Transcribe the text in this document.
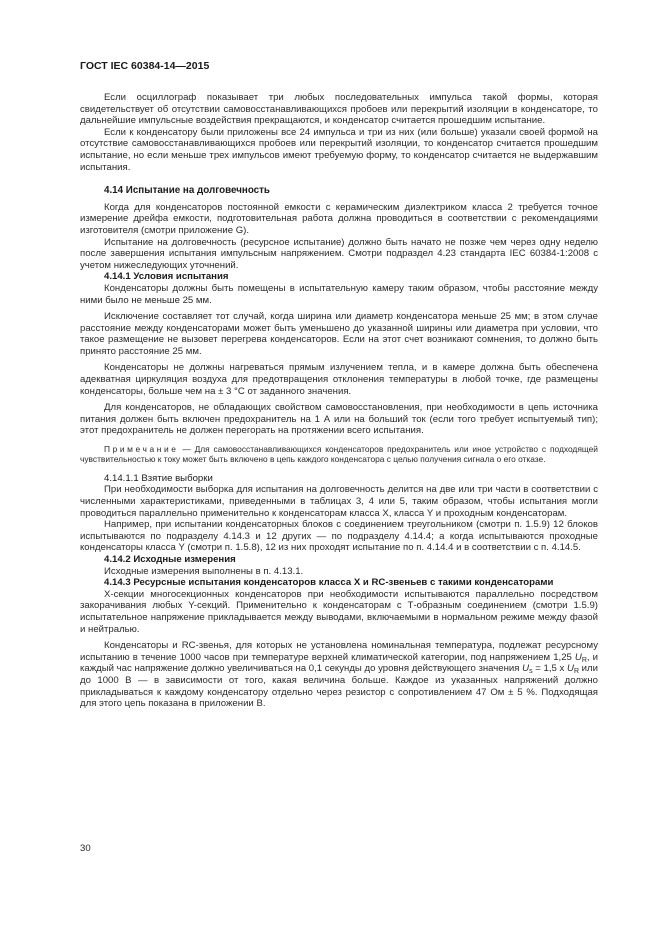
ГОСТ IEC 60384-14—2015

Если осциллограф показывает три любых последовательных импульса такой формы, которая свидетельствует об отсутствии самовосстанавливающихся пробоев или перекрытий изоляции в конденсаторе, то дальнейшие импульсные воздействия прекращаются, и конденсатор считается прошедшим испытание.

Если к конденсатору были приложены все 24 импульса и три из них (или больше) указали своей формой на отсутствие самовосстанавливающихся пробоев или перекрытий изоляции, то конденсатор считается прошедшим испытание, но если меньше трех импульсов имеют требуемую форму, то конденсатор считается не выдержавшим испытания.

4.14 Испытание на долговечность

Когда для конденсаторов постоянной емкости с керамическим диэлектриком класса 2 требуется точное измерение дрейфа емкости, подготовительная работа должна проводиться в соответствии с рекомендациями изготовителя (смотри приложение G).

Испытание на долговечность (ресурсное испытание) должно быть начато не позже чем через одну неделю после завершения испытания импульсным напряжением. Смотри подраздел 4.23 стандарта IEC 60384-1:2008 с учетом нижеследующих уточнений.

4.14.1 Условия испытания

Конденсаторы должны быть помещены в испытательную камеру таким образом, чтобы расстояние между ними было не меньше 25 мм.

Исключение составляет тот случай, когда ширина или диаметр конденсатора меньше 25 мм; в этом случае расстояние между конденсаторами может быть уменьшено до указанной ширины или диаметра при условии, что такое размещение не вызовет перегрева конденсаторов. Если на этот счет возникают сомнения, то должно быть принято расстояние 25 мм.

Конденсаторы не должны нагреваться прямым излучением тепла, и в камере должна быть обеспечена адекватная циркуляция воздуха для предотвращения отклонения температуры в любой точке, где размещены конденсаторы, больше чем на ± 3 °С от заданного значения.

Для конденсаторов, не обладающих свойством самовосстановления, при необходимости в цепь источника питания должен быть включен предохранитель на 1 А или на больший ток (если того требует испытуемый тип); этот предохранитель не должен перегорать на протяжении всего испытания.

Примечание — Для самовосстанавливающихся конденсаторов предохранитель или иное устройство с подходящей чувствительностью к току может быть включено в цепь каждого конденсатора с целью получения сигнала о его отказе.
4.14.1.1 Взятие выборки

При необходимости выборка для испытания на долговечность делится на две или три части в соответствии с численными характеристиками, приведенными в таблицах 3, 4 или 5, таким образом, чтобы испытания могли проводиться параллельно применительно к конденсаторам класса X, класса Y и проходным конденсаторам.

Например, при испытании конденсаторных блоков с соединением треугольником (смотри п. 1.5.9) 12 блоков испытываются по подразделу 4.14.3 и 12 других — по подразделу 4.14.4; а когда испытываются проходные конденсаторы класса Y (смотри п. 1.5.8), 12 из них проходят испытание по п. 4.14.4 и в соответствии с п. 4.14.5.

4.14.2 Исходные измерения

Исходные измерения выполнены в п. 4.13.1.

4.14.3 Ресурсные испытания конденсаторов класса X и RC-звеньев с такими конденсаторами

X-секции многосекционных конденсаторов при необходимости испытываются параллельно посредством закорачивания любых Y-секций. Применительно к конденсаторам с Т-образным соединением (смотри 1.5.9) испытательное напряжение прикладывается между выводами, включаемыми в нормальном режиме между фазой и нейтралью.

Конденсаторы и RC-звенья, для которых не установлена номинальная температура, подлежат ресурсному испытанию в течение 1000 часов при температуре верхней климатической категории, под напряжением 1,25 $U_R$, и каждый час напряжение должно увеличиваться на 0,1 секунды до уровня действующего значения $U_s = 1,5$ х $U_R$ или до 1000 В — в зависимости от того, какая величина больше. Каждое из указанных напряжений должно прикладываться к каждому конденсатору отдельно через резистор с сопротивлением 47 Ом ± 5 %. Подходящая для этого цепь показана в приложении В.

30
